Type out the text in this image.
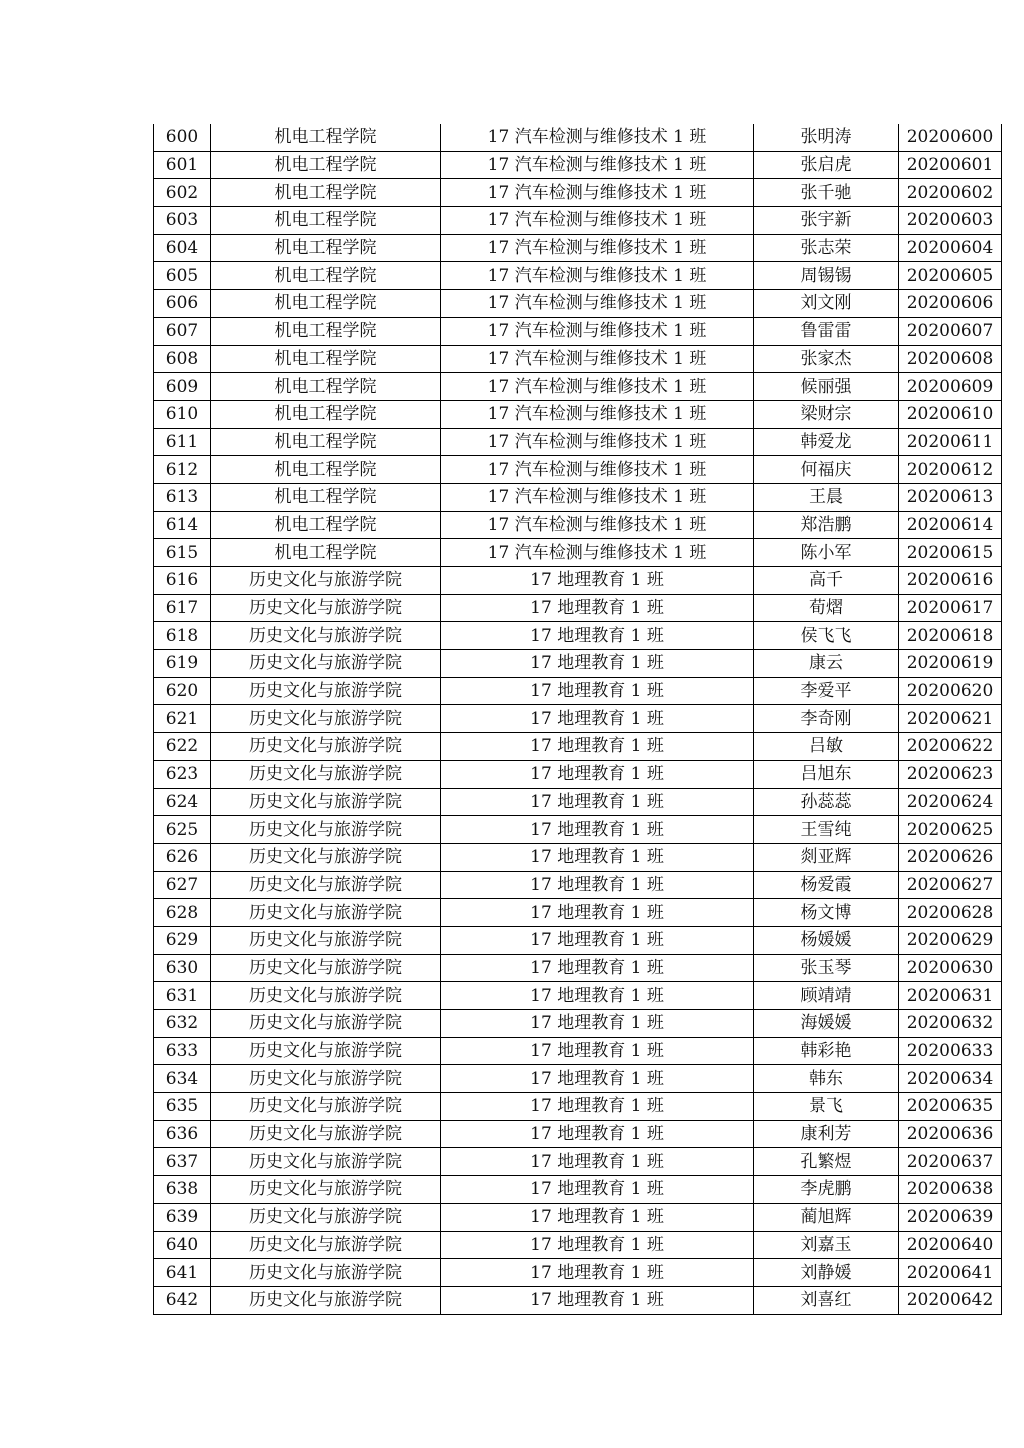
600	机电工程学院	17 汽车检测与维修技术 1 班	张明涛	20200600
601	机电工程学院	17 汽车检测与维修技术 1 班	张启虎	20200601
602	机电工程学院	17 汽车检测与维修技术 1 班	张千驰	20200602
603	机电工程学院	17 汽车检测与维修技术 1 班	张宇新	20200603
604	机电工程学院	17 汽车检测与维修技术 1 班	张志荣	20200604
605	机电工程学院	17 汽车检测与维修技术 1 班	周锡锡	20200605
606	机电工程学院	17 汽车检测与维修技术 1 班	刘文刚	20200606
607	机电工程学院	17 汽车检测与维修技术 1 班	鲁雷雷	20200607
608	机电工程学院	17 汽车检测与维修技术 1 班	张家杰	20200608
609	机电工程学院	17 汽车检测与维修技术 1 班	候丽强	20200609
610	机电工程学院	17 汽车检测与维修技术 1 班	梁财宗	20200610
611	机电工程学院	17 汽车检测与维修技术 1 班	韩爱龙	20200611
612	机电工程学院	17 汽车检测与维修技术 1 班	何福庆	20200612
613	机电工程学院	17 汽车检测与维修技术 1 班	王晨	20200613
614	机电工程学院	17 汽车检测与维修技术 1 班	郑浩鹏	20200614
615	机电工程学院	17 汽车检测与维修技术 1 班	陈小军	20200615
616	历史文化与旅游学院	17 地理教育 1 班	高千	20200616
617	历史文化与旅游学院	17 地理教育 1 班	荀熠	20200617
618	历史文化与旅游学院	17 地理教育 1 班	侯飞飞	20200618
619	历史文化与旅游学院	17 地理教育 1 班	康云	20200619
620	历史文化与旅游学院	17 地理教育 1 班	李爱平	20200620
621	历史文化与旅游学院	17 地理教育 1 班	李奇刚	20200621
622	历史文化与旅游学院	17 地理教育 1 班	吕敏	20200622
623	历史文化与旅游学院	17 地理教育 1 班	吕旭东	20200623
624	历史文化与旅游学院	17 地理教育 1 班	孙蕊蕊	20200624
625	历史文化与旅游学院	17 地理教育 1 班	王雪纯	20200625
626	历史文化与旅游学院	17 地理教育 1 班	剡亚辉	20200626
627	历史文化与旅游学院	17 地理教育 1 班	杨爱霞	20200627
628	历史文化与旅游学院	17 地理教育 1 班	杨文博	20200628
629	历史文化与旅游学院	17 地理教育 1 班	杨媛媛	20200629
630	历史文化与旅游学院	17 地理教育 1 班	张玉琴	20200630
631	历史文化与旅游学院	17 地理教育 1 班	顾靖靖	20200631
632	历史文化与旅游学院	17 地理教育 1 班	海媛媛	20200632
633	历史文化与旅游学院	17 地理教育 1 班	韩彩艳	20200633
634	历史文化与旅游学院	17 地理教育 1 班	韩东	20200634
635	历史文化与旅游学院	17 地理教育 1 班	景飞	20200635
636	历史文化与旅游学院	17 地理教育 1 班	康利芳	20200636
637	历史文化与旅游学院	17 地理教育 1 班	孔繁煜	20200637
638	历史文化与旅游学院	17 地理教育 1 班	李虎鹏	20200638
639	历史文化与旅游学院	17 地理教育 1 班	蔺旭辉	20200639
640	历史文化与旅游学院	17 地理教育 1 班	刘嘉玉	20200640
641	历史文化与旅游学院	17 地理教育 1 班	刘静媛	20200641
642	历史文化与旅游学院	17 地理教育 1 班	刘喜红	20200642
